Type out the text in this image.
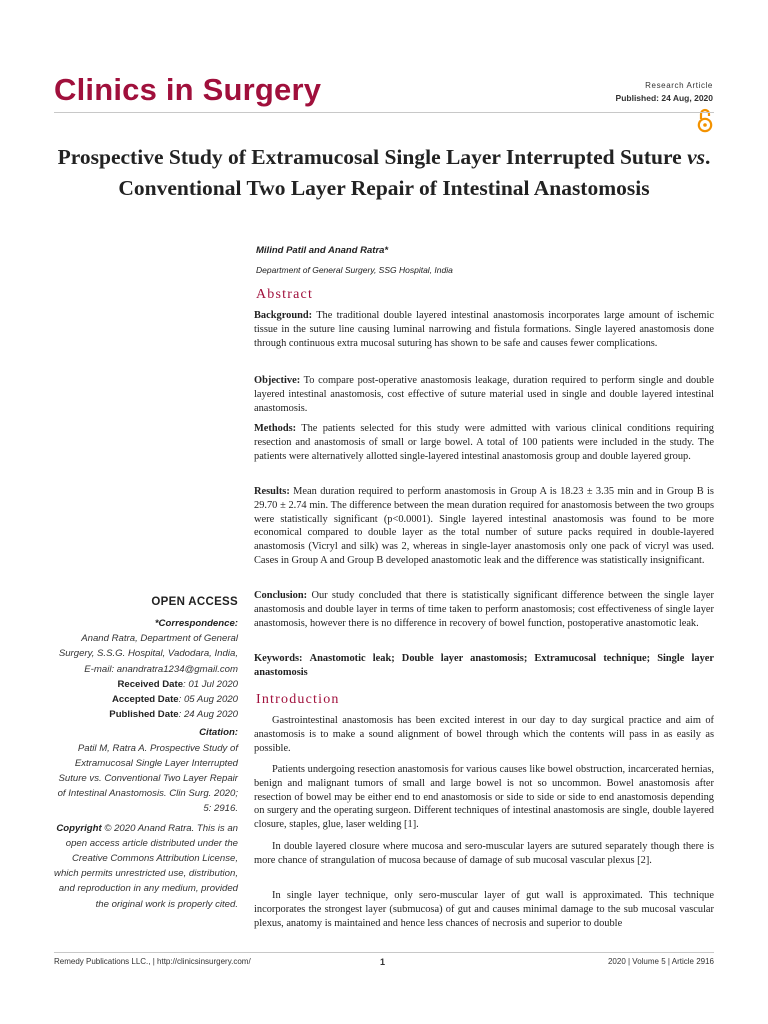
Clinics in Surgery	Research Article
Published: 24 Aug, 2020
Prospective Study of Extramucosal Single Layer Interrupted Suture vs. Conventional Two Layer Repair of Intestinal Anastomosis
Milind Patil and Anand Ratra*
Department of General Surgery, SSG Hospital, India
Abstract
Background: The traditional double layered intestinal anastomosis incorporates large amount of ischemic tissue in the suture line causing luminal narrowing and fistula formations. Single layered anastomosis done through continuous extra mucosal suturing has shown to be safe and causes fewer complications.
Objective: To compare post-operative anastomosis leakage, duration required to perform single and double layered intestinal anastomosis, cost effective of suture material used in single and double layered intestinal anastomosis.
Methods: The patients selected for this study were admitted with various clinical conditions requiring resection and anastomosis of small or large bowel. A total of 100 patients were included in the study. The patients were alternatively allotted single-layered intestinal anastomosis group and double layered group.
Results: Mean duration required to perform anastomosis in Group A is 18.23 ± 3.35 min and in Group B is 29.70 ± 2.74 min. The difference between the mean duration required for anastomosis between the two groups were statistically significant (p<0.0001). Single layered intestinal anastomosis was found to be more economical compared to double layer as the total number of suture packs required in double-layered anastomosis (Vicryl and silk) was 2, whereas in single-layer anastomosis only one pack of vicryl was used. Cases in Group A and Group B developed anastomotic leak and the difference was statistically insignificant.
Conclusion: Our study concluded that there is statistically significant difference between the single layer anastomosis and double layer in terms of time taken to perform anastomosis; cost effectiveness of single layer anastomosis, however there is no difference in recovery of bowel function, postoperative anastomotic leak.
Keywords: Anastomotic leak; Double layer anastomosis; Extramucosal technique; Single layer anastomosis
Introduction
Gastrointestinal anastomosis has been excited interest in our day to day surgical practice and aim of anastomosis is to make a sound alignment of bowel through which the contents will pass in as easily as possible.
Patients undergoing resection anastomosis for various causes like bowel obstruction, incarcerated hernias, benign and malignant tumors of small and large bowel is not so uncommon. Bowel anastomosis after resection of bowel may be either end to end anastomosis or side to side or side to end anastomosis depending on surgery and the operating surgeon. Different techniques of intestinal anastomosis are single, double layered closure, staples, glue, laser welding [1].
In double layered closure where mucosa and sero-muscular layers are sutured separately though there is more chance of strangulation of mucosa because of damage of sub mucosal vascular plexus [2].
In single layer technique, only sero-muscular layer of gut wall is approximated. This technique incorporates the strongest layer (submucosa) of gut and causes minimal damage to the sub mucosal vascular plexus, anatomy is maintained and hence less chances of necrosis and superior to double
OPEN ACCESS
*Correspondence:
Anand Ratra, Department of General Surgery, S.S.G. Hospital, Vadodara, India,
E-mail: anandratra1234@gmail.com
Received Date: 01 Jul 2020
Accepted Date: 05 Aug 2020
Published Date: 24 Aug 2020
Citation:
Patil M, Ratra A. Prospective Study of Extramucosal Single Layer Interrupted Suture vs. Conventional Two Layer Repair of Intestinal Anastomosis. Clin Surg. 2020; 5: 2916.
Copyright © 2020 Anand Ratra. This is an open access article distributed under the Creative Commons Attribution License, which permits unrestricted use, distribution, and reproduction in any medium, provided the original work is properly cited.
Remedy Publications LLC., | http://clinicsinsurgery.com/	1	2020 | Volume 5 | Article 2916
